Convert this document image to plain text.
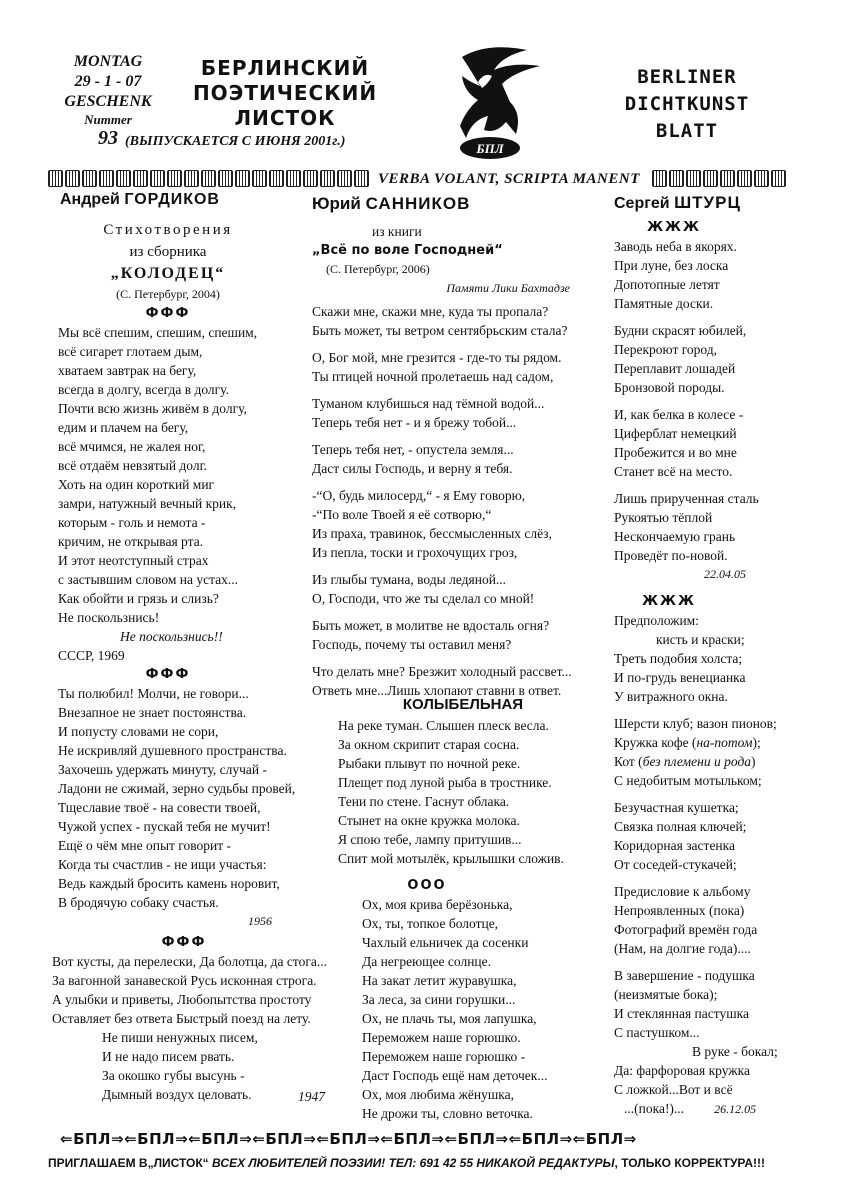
MONTAG
29 - 1 - 07
GESCHENK
Nummer
93
БЕРЛИНСКИЙ
ПОЭТИЧЕСКИЙ
ЛИСТОК
(ВЫПУСКАЕТСЯ С ИЮНЯ 2001г.)	БПЛ
BERLINER
DICHTKUNST
BLATT
VERBA VOLANT, SCRIPTA MANENT
Андрей ГОРДИКОВ
Стихотворения
из сборника
„КОЛОДЕЦ“
(С. Петербург, 2004)
ФФФ
Мы всё спешим, спешим, спешим,
всё сигарет глотаем дым,
хватаем завтрак на бегу,
всегда в долгу, всегда в долгу.
Почти всю жизнь живём в долгу,
едим и плачем на бегу,
всё мчимся, не жалея ног,
всё отдаём невзятый долг.
Хоть на один короткий миг
замри, натужный вечный крик,
которым - голь и немота -
кричим, не открывая рта.
И этот неотступный страх
с застывшим словом на устах...
Как обойти и грязь и слизь?
Не поскользнись!
Не поскользнись!!
СССР, 1969
ФФФ
Ты полюбил! Молчи, не говори...
Внезапное не знает постоянства.
И попусту словами не сори,
Не искривляй душевного пространства.
Захочешь удержать минуту, случай -
Ладони не сжимай, зерно судьбы провей,
Тщеславие твоё - на совести твоей,
Чужой успех - пускай тебя не мучит!
Ещё о чём мне опыт говорит -
Когда ты счастлив - не ищи участья:
Ведь каждый бросить камень норовит,
В бродячую собаку счастья.
1956
ФФФ
Вот кусты, да перелески, Да болотца, да стога...
За вагонной занавеской Русь исконная строга.
А улыбки и приветы, Любопытства простоту
Оставляет без ответа Быстрый поезд на лету.
Не пиши ненужных писем,
И не надо писем рвать.
За окошко губы высунь -
Дымный воздух целовать.	1947
Юрий САННИКОВ
из книги
„Всё по воле Господней“
(С. Петербург, 2006)
Памяти Лики Бахтадзе
Скажи мне, скажи мне, куда ты пропала?
Быть может, ты ветром сентябрьским стала?
О, Бог мой, мне грезится - где-то ты рядом.
Ты птицей ночной пролетаешь над садом,
Туманом клубишься над тёмной водой...
Теперь тебя нет - и я брежу тобой...
Теперь тебя нет, - опустела земля...
Даст силы Господь, и верну я тебя.
-“О, будь милосерд,“ - я Ему говорю,
-“По воле Твоей я её сотворю,“
Из праха, травинок, бессмысленных слёз,
Из пепла, тоски и грохочущих гроз,
Из глыбы тумана, воды ледяной...
О, Господи, что же ты сделал со мной!
Быть может, в молитве не вдосталь огня?
Господь, почему ты оставил меня?
Что делать мне? Брезжит холодный рассвет...
Ответь мне...Лишь хлопают ставни в ответ.
КОЛЫБЕЛЬНАЯ
На реке туман. Слышен плеск весла.
За окном скрипит старая сосна.
Рыбаки плывут по ночной реке.
Плещет под луной рыба в тростнике.
Тени по стене. Гаснут облака.
Стынет на окне кружка молока.
Я спою тебе, лампу притушив...
Спит мой мотылёк, крылышки сложив.
ООО
Ох, моя крива берёзонька,
Ох, ты, топкое болотце,
Чахлый ельничек да сосенки
Да негреющее солнце.
На закат летит журавушка,
За леса, за сини горушки...
Ох, не плачь ты, моя лапушка,
Переможем наше горюшко.
Переможем наше горюшко -
Даст Господь ещё нам деточек...
Ох, моя любима жёнушка,
Не дрожи ты, словно веточка.
Сергей ШТУРЦ
ЖЖЖ
Заводь неба в якорях.
При луне, без лоска
Допотопные летят
Памятные доски.
Будни скрасят юбилей,
Перекроют город,
Переплавит лошадей
Бронзовой породы.
И, как белка в колесе -
Циферблат немецкий
Пробежится и во мне
Станет всё на место.
Лишь прирученная сталь
Рукоятью тёплой
Нескончаемую грань
Проведёт по-новой.
22.04.05
ЖЖЖ
Предположим:
кисть и краски;
Треть подобия холста;
И по-грудь венецианка
У витражного окна.
Шерсти клуб; вазон пионов;
Кружка кофе (на-потом);
Кот (без племени и рода)
С недобитым мотыльком;
Безучастная кушетка;
Связка полная ключей;
Коридорная застенка
От соседей-стукачей;
Предисловие к альбому
Непроявленных (пока)
Фотографий времён года
(Нам, на долгие года)....
В завершение - подушка
(неизмятые бока);
И стеклянная пастушка
С пастушком...
В руке - бокал;
Да: фарфоровая кружка
С ложкой...Вот и всё
...(пока!)...	26.12.05
⇐БПЛ⇒⇐БПЛ⇒⇐БПЛ⇒⇐БПЛ⇒⇐БПЛ⇒⇐БПЛ⇒⇐БПЛ⇒⇐БПЛ⇒⇐БПЛ⇒
ПРИГЛАШАЕМ В„ЛИСТОК“ ВСЕХ ЛЮБИТЕЛЕЙ ПОЭЗИИ! ТЕЛ: 691 42 55 НИКАКОЙ РЕДАКТУРЫ, ТОЛЬКО КОРРЕКТУРА!!!
